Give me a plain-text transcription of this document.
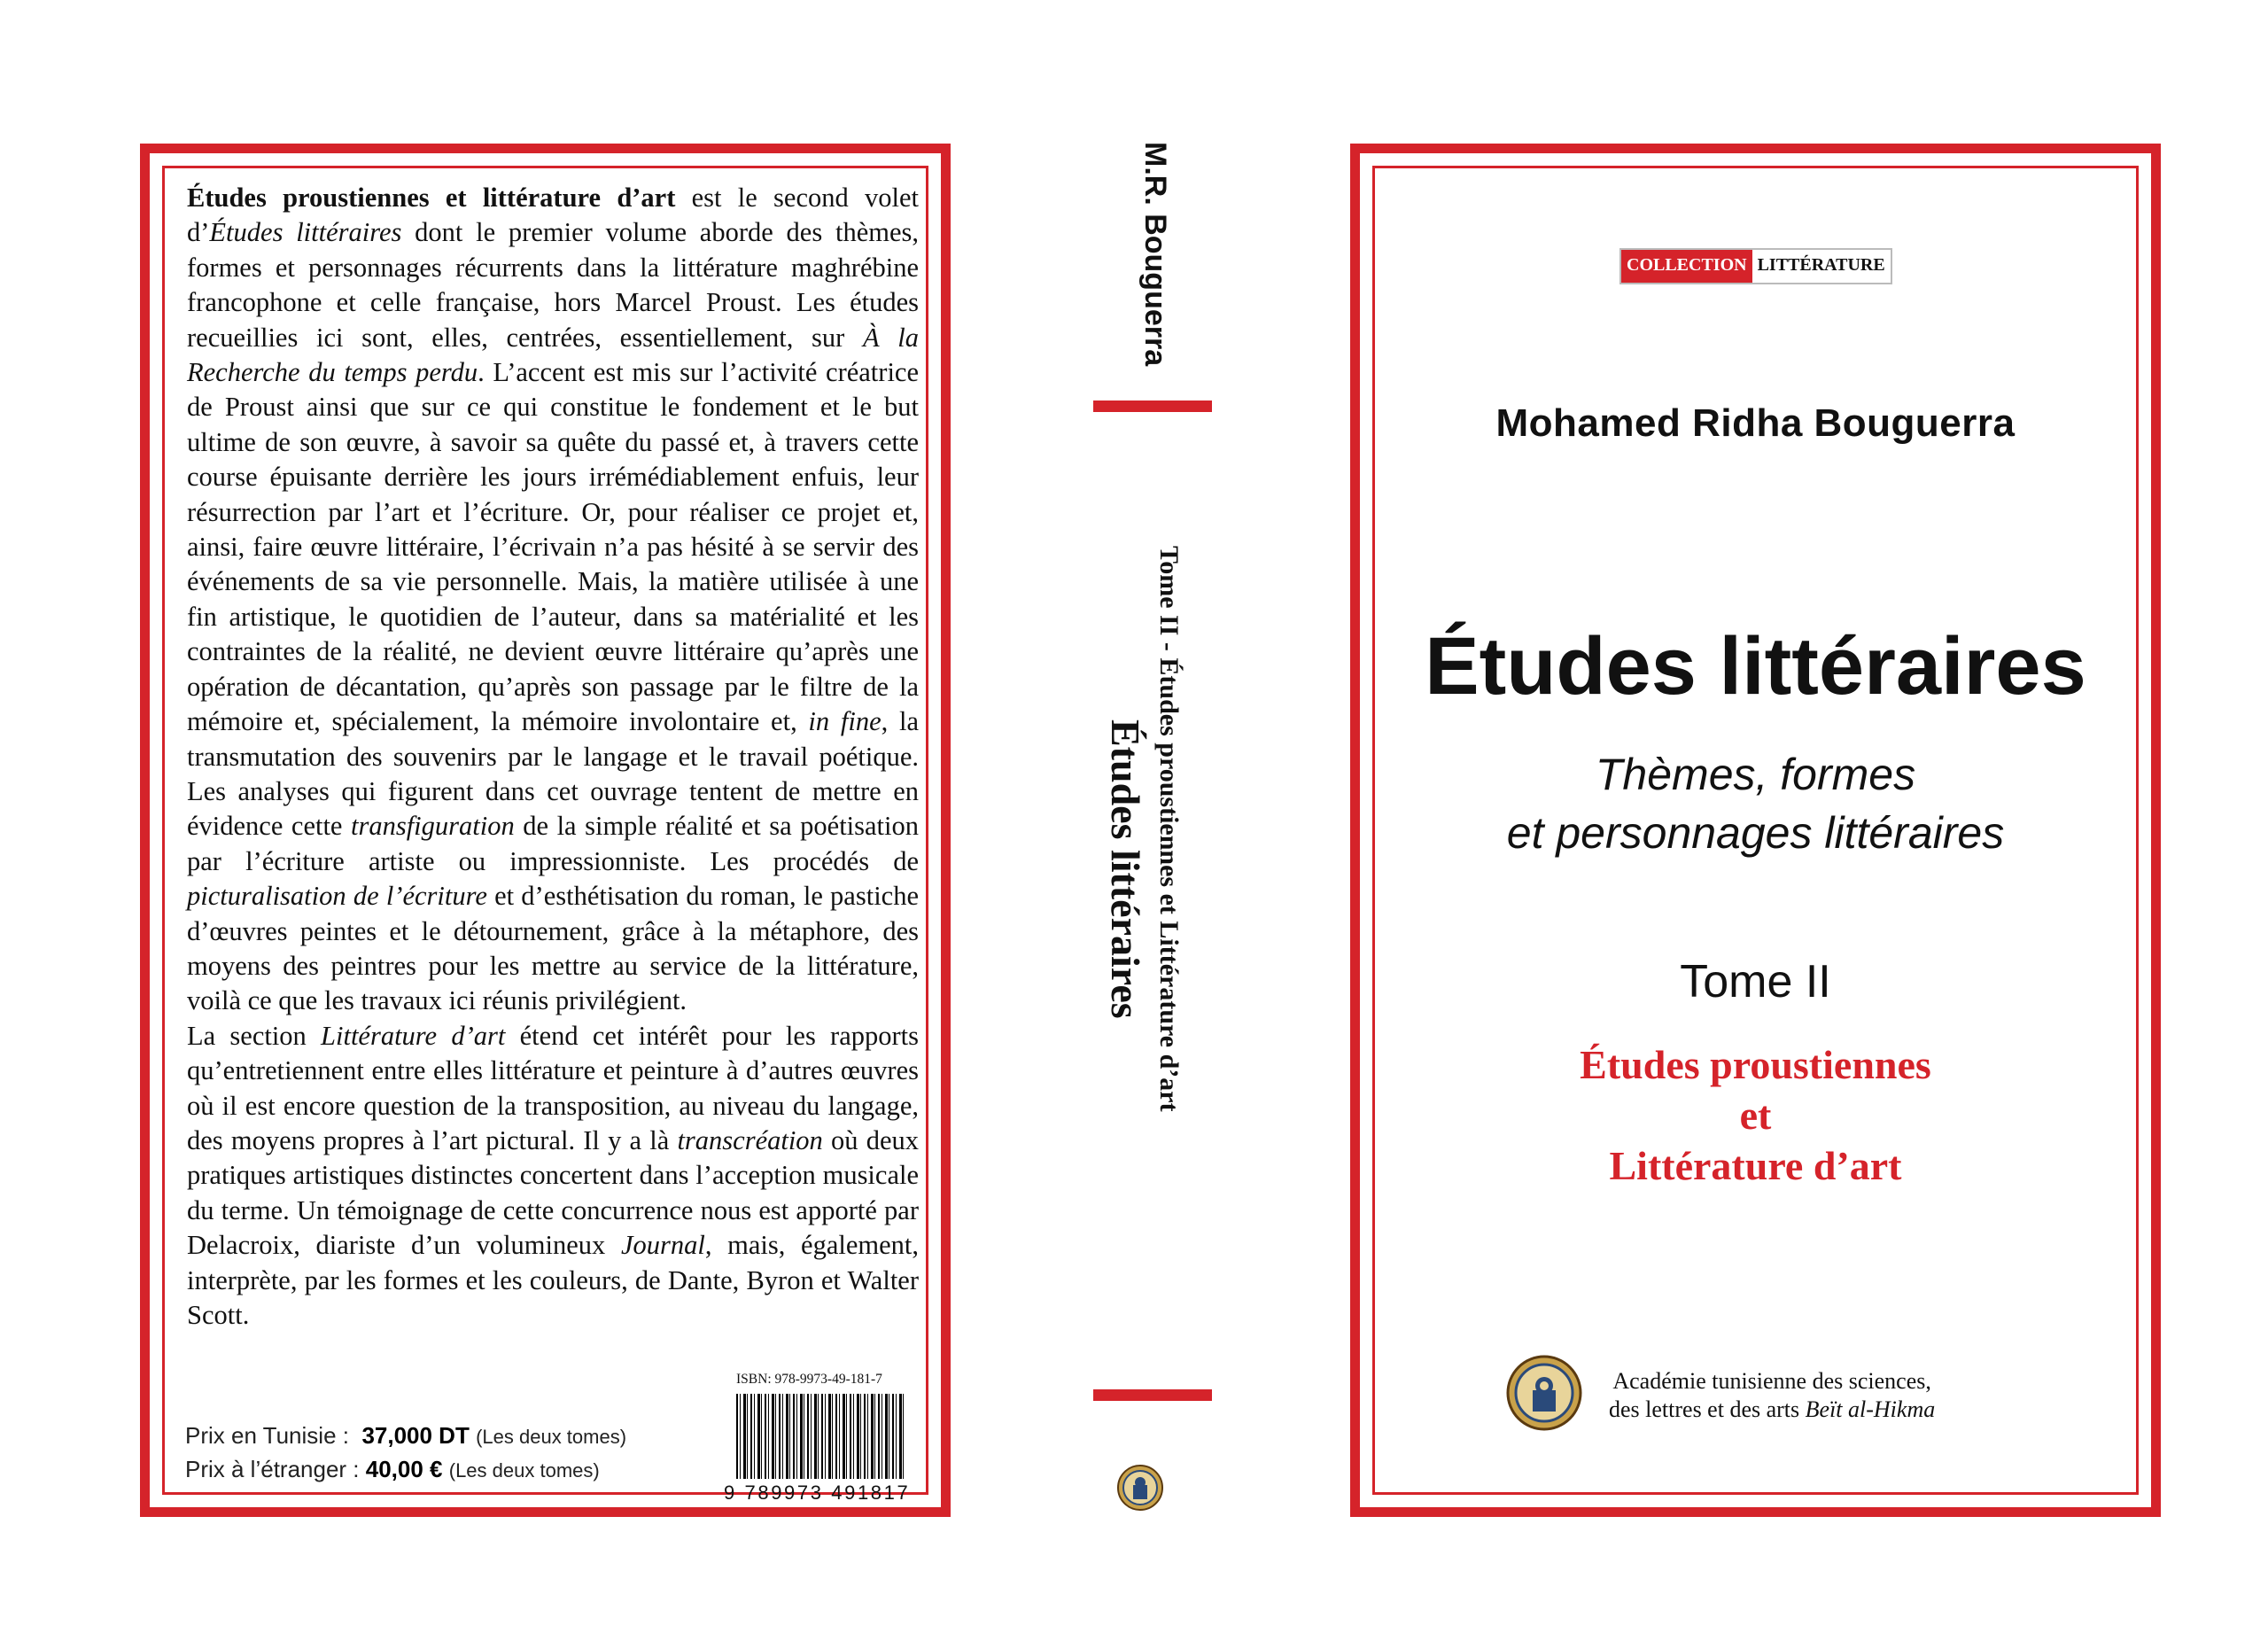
Études proustiennes et littérature d’art est le second volet d’Études littéraires dont le premier volume aborde des thèmes, formes et personnages récurrents dans la littérature maghrébine francophone et celle française, hors Marcel Proust. Les études recueillies ici sont, elles, centrées, essentiellement, sur À la Recherche du temps perdu. L’accent est mis sur l’activité créatrice de Proust ainsi que sur ce qui constitue le fondement et le but ultime de son œuvre, à savoir sa quête du passé et, à travers cette course épuisante derrière les jours irrémédiablement enfuis, leur résurrection par l’art et l’écriture. Or, pour réaliser ce projet et, ainsi, faire œuvre littéraire, l’écrivain n’a pas hésité à se servir des événements de sa vie personnelle. Mais, la matière utilisée à une fin artistique, le quotidien de l’auteur, dans sa matérialité et les contraintes de la réalité, ne devient œuvre littéraire qu’après une opération de décantation, qu’après son passage par le filtre de la mémoire et, spécialement, la mémoire involontaire et, in fine, la transmutation des souvenirs par le langage et le travail poétique. Les analyses qui figurent dans cet ouvrage tentent de mettre en évidence cette transfiguration de la simple réalité et sa poétisation par l’écriture artiste ou impressionniste. Les procédés de picturalisation de l’écriture et d’esthétisation du roman, le pastiche d’œuvres peintes et le détournement, grâce à la métaphore, des moyens des peintres pour les mettre au service de la littérature, voilà ce que les travaux ici réunis privilégient.

La section Littérature d’art étend cet intérêt pour les rapports qu’entretiennent entre elles littérature et peinture à d’autres œuvres où il est encore question de la transposition, au niveau du langage, des moyens propres à l’art pictural. Il y a là transcréation où deux pratiques artistiques distinctes concertent dans l’acception musicale du terme. Un témoignage de cette concurrence nous est apporté par Delacroix, diariste d’un volumineux Journal, mais, également, interprète, par les formes et les couleurs, de Dante, Byron et Walter Scott.

Prix en Tunisie : 37,000 DT (Les deux tomes)
Prix à l’étranger : 40,00 € (Les deux tomes)
ISBN: 978-9973-49-181-7
9 789973 491817
M.R. Bouguerra
Tome II - Études proustiennes et Littérature d’art
Études littéraires
COLLECTION LITTÉRATURE
Mohamed Ridha Bouguerra
Études littéraires
Thèmes, formes
et personnages littéraires
Tome II
Études proustiennes
et
Littérature d’art
Académie tunisienne des sciences,
des lettres et des arts Beït al-Hikma
